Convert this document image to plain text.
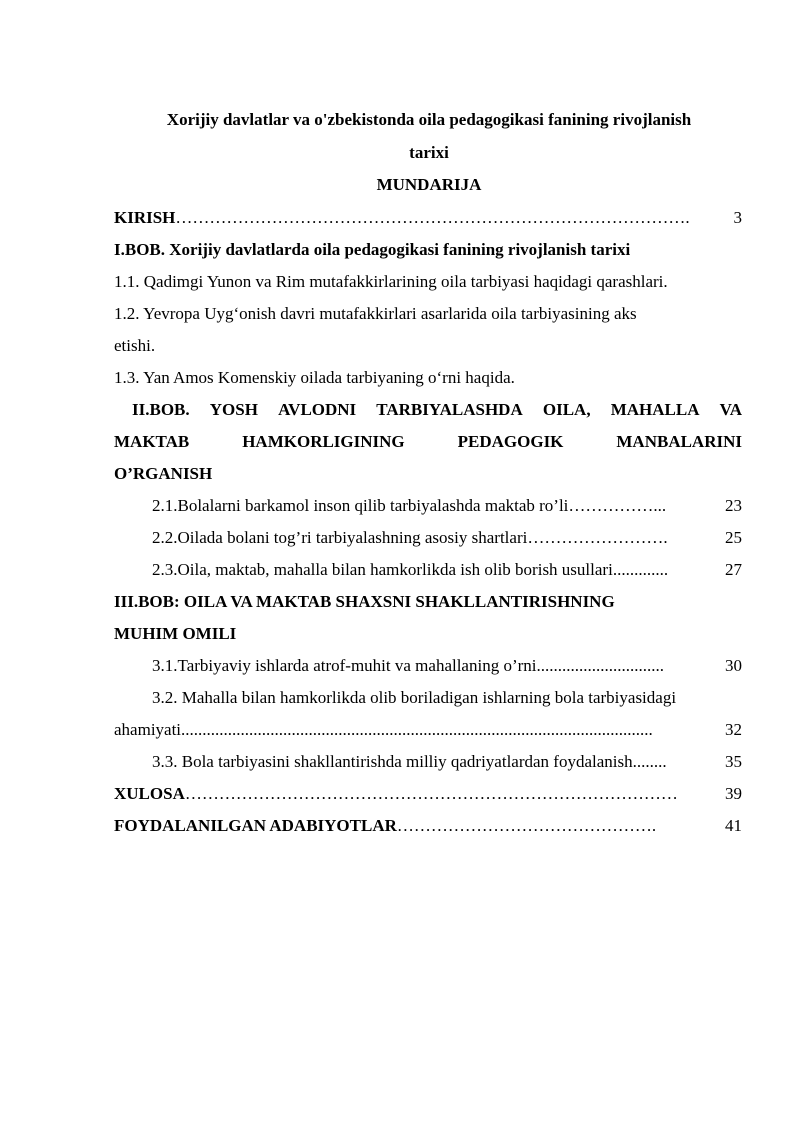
Xorijiy davlatlar va o'zbekistonda oila pedagogikasi fanining rivojlanish
tarixi
MUNDARIJA
KIRISH ……………………………………………………………………………….	3
I.BOB. Xorijiy davlatlarda oila pedagogikasi fanining rivojlanish tarixi
1.1. Qadimgi Yunon va Rim mutafakkirlarining oila tarbiyasi haqidagi qarashlari.
1.2. Yevropa Uyg‘onish davri mutafakkirlari asarlarida oila tarbiyasining aks
etishi.
1.3. Yan Amos Komenskiy oilada tarbiyaning o‘rni haqida.
II.BOB. YOSH AVLODNI TARBIYALASHDA OILA, MAHALLA VA
MAKTAB	HAMKORLIGINING	PEDAGOGIK	MANBALARINI
O’RGANISH
2.1.Bolalarni barkamol inson qilib tarbiyalashda maktab ro’li ……………...	23
2.2.Oilada bolani tog’ri tarbiyalashning asosiy shartlari …………………….	25
2.3.Oila, maktab, mahalla bilan hamkorlikda ish olib borish usullari .............	27
III.BOB: OILA VA MAKTAB SHAXSNI SHAKLLANTIRISHNING
MUHIM OMILI
3.1.Tarbiyaviy ishlarda atrof-muhit va mahallaning o’rni ..............................	30
3.2. Mahalla bilan hamkorlikda olib boriladigan ishlarning bola tarbiyasidagi
ahamiyati ...............................................................................................................	32
3.3. Bola tarbiyasini shakllantirishda milliy qadriyatlardan foydalanish ........	35
XULOSA ……………………………………………………………………………	39
FOYDALANILGAN ADABIYOTLAR ……………………………………….	41
